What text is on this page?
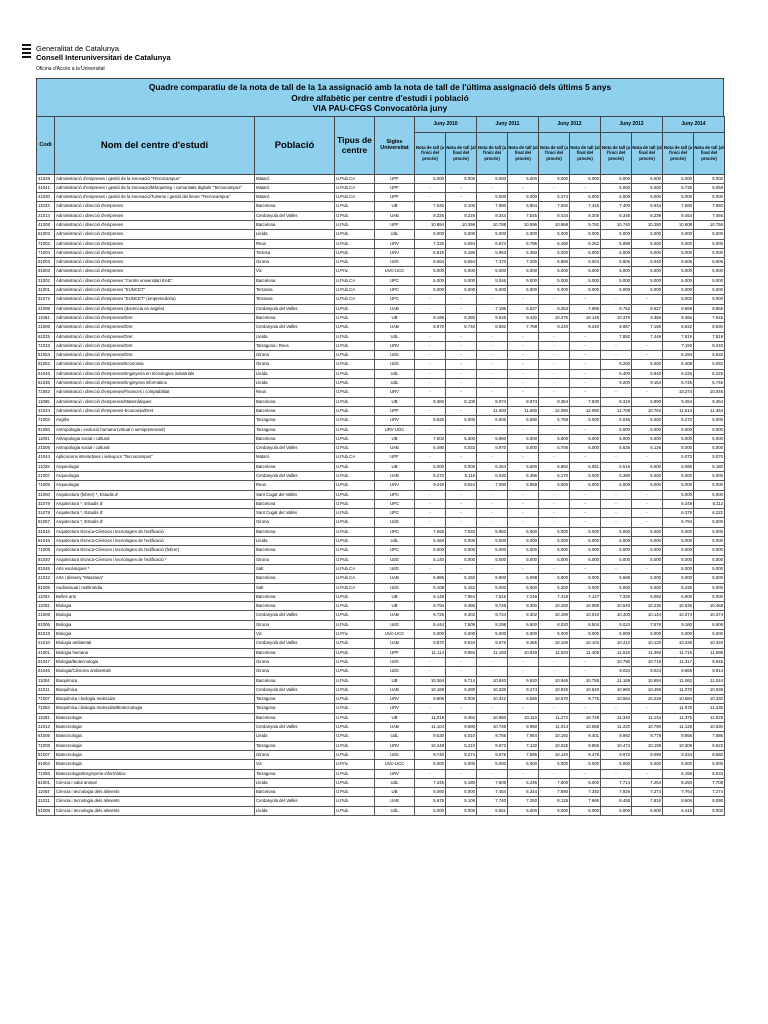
Generalitat de Catalunya
Consell Interuniversitari de Catalunya
Oficina d'Accés a la Universitat
Quadre comparatiu de la nota de tall de la 1a assignació amb la nota de tall de l'última assignació dels últims 5 anys
Ordre alfabètic per centre d'estudi i població
VIA PAU-CFGS Convocatòria juny
Codi	Nom del centre d'estudi	Població	Tipus de centre	Sigles Universitat	Juny 2010		Juny 2011		Juny 2012		Juny 2013		Juny 2014	
					Nota de tall (a l'inici del procés)	Nota de tall (al final del procés)	Nota de tall (a l'inici del procés)	Nota de tall (al final del procés)	Nota de tall (a l'inici del procés)	Nota de tall (al final del procés)	Nota de tall (a l'inici del procés)	Nota de tall (al final del procés)	Nota de tall (a l'inici del procés)	Nota de tall (al final del procés)
41029	Administració d'empreses i gestió de la innovació "Tecnocampus"	Mataró	U.Pub.CA	UPF	5.000	5.000	5.000	5.000	5.000	5.000	5.000	5.000	5.000	5.000
41041	Administració d'empreses i gestió de la innovació/Màrqueting i comunitats digitals "Tecnocampus"	Mataró	U.Pub.CA	UPF	-	-	-	-	-	-	5.000	5.000	6.730	5.058
41030	Administració d'empreses i gestió de la innovació/Turisme i gestió del lleure "Tecnocampus"	Mataró	U.Pub.CA	UPF	-	-	5.000	5.000	5.374	5.000	5.000	5.000	5.000	5.000
11033	Administració i direcció d'empreses	Barcelona	U.Pub.	UB	7.040	6.100	7.880	6.904	7.592	7.416	7.400	6.644	7.580	7.060
21014	Administració i direcció d'empreses	Cerdanyola del Vallès	U.Pub.	UAB	8.226	8.226	8.344	7.545	8.434	8.305	8.348	8.239	8.454	7.466
41008	Administració i direcció d'empreses	Barcelona	U.Pub.	UPF	10.894	10.396	10.788	10.596	10.868	9.782	10.740	10.280	10.808	10.756
61003	Administració i direcció d'empreses	Lleida	U.Pub.	UdL	5.000	5.000	5.000	5.000	5.000	5.000	5.000	5.000	5.000	5.000
71002	Administració i direcció d'empreses	Reus	U.Pub.	URV	7.220	6.094	6.674	5.796	6.490	6.252	5.898	5.000	5.000	5.000
71004	Administració i direcció d'empreses	Tortosa	U.Pub.	URV	5.818	5.185	5.963	5.350	5.000	5.000	5.000	5.000	5.000	5.000
81003	Administració i direcció d'empreses	Girona	U.Pub.	UdG	6.654	6.654	7.370	7.200	6.860	6.004	5.806	5.040	6.506	6.506
91003	Administració i direcció d'empreses	Vic	U.Priv.	UVic-UCC	5.000	5.000	5.000	5.000	5.000	5.000	5.000	5.000	5.000	5.000
31002	Administració i direcció d'empreses "Centre universitari EAE"	Barcelona	U.Pub.CA	UPC	5.000	5.000	5.046	5.000	5.000	5.000	5.000	5.000	5.000	5.000
31001	Administració i direcció d'empreses "EUNCET"	Terrassa	U.Pub.CA	UPC	5.000	5.000	5.000	5.000	5.000	5.000	5.000	5.000	5.000	5.000
31072	Administració i direcció d'empreses "EUNCET" (emprenedoria)	Terrassa	U.Pub.CA	UPC	-	-	-	-	-	-	-	-	5.000	5.000
21099	Administració i direcció d'empreses (docència en anglès)	Cerdanyola del Vallès	U.Pub.	UAB	-	-	7.195	6.527	8.253	7.686	8.762	8.627	8.866	8.866
11064	Administració i direcció d'empreses/Dret	Barcelona	U.Pub.	UB	9.196	8.280	9.626	9.420	10.276	10.148	10.376	9.366	9.366	7.546
21098	Administració i direcció d'empreses/Dret	Cerdanyola del Vallès	U.Pub.	UAB	8.970	8.740	8.592	7.768	9.240	9.240	8.667	7.186	8.632	8.530
61025	Administració i direcció d'empreses/Dret	Lleida	U.Pub.	UdL	-	-	-	-	-	-	7.892	7.446	7.819	7.819
71023	Administració i direcció d'empreses/Dret	Tarragona i Reus	U.Pub.	URV	-	-	-	-	-	-	-	-	7.192	5.240
81053	Administració i direcció d'empreses/Dret	Girona	U.Pub.	UdG	-	-	-	-	-	-	-	-	6.294	5.632
81052	Administració i direcció d'empreses/Economia	Girona	U.Pub.	UdG	-	-	-	-	-	-	6.200	5.000	6.408	5.092
61046	Administració i direcció d'empreses/Enginyeria en tecnologies industrials	Lleida	U.Pub.	UdL	-	-	-	-	-	-	6.400	5.940	6.226	6.226
61036	Administració i direcció d'empreses/Enginyeria informàtica	Lleida	U.Pub.	UdL	-	-	-	-	-	-	9.200	9.154	5.745	5.745
71053	Administració i direcció d'empreses/Finances i comptabilitat	Reus	U.Pub.	URV	-	-	-	-	-	-	-	-	10.274	10.046
11065	Administració i direcció d'empreses/Matemàtiques	Barcelona	U.Pub.	UB	8.380	8.105	8.974	8.974	8.364	7.830	8.319	5.890	9.454	9.454
41024	Administració i direcció d'empreses-Economia/Dret	Barcelona	U.Pub.	UPF	-	-	11.500	11.500	12.080	12.080	11.708	10.762	11.510	11.464
71003	Anglès	Tarragona	U.Pub.	URV	5.820	5.000	6.606	5.680	5.768	5.000	6.046	5.000	5.270	5.000
91050	Antropologia i evolució humana (virtual o semipresencial)	Tarragona	U.Pub.	URV-UOC	-	-	-	-	-	-	5.000	5.000	5.000	5.000
11001	Antropologia social i cultural	Barcelona	U.Pub.	UB	7.002	5.300	5.960	5.000	5.800	5.000	5.000	5.000	5.000	5.000
21005	Antropologia social i cultural	Cerdanyola del Vallès	U.Pub.	UAB	6.490	5.032	5.970	5.000	5.706	5.000	5.635	5.126	5.000	5.000
41044	Aplicacions interactives i videojocs "Tecnocampus"	Mataró	U.Pub.CA	UPF	-	-	-	-	-	-	-	-	5.070	5.070
11029	Arqueologia	Barcelona	U.Pub.	UB	5.000	5.000	6.264	5.500	6.892	6.051	5.516	5.000	6.086	5.180
21007	Arqueologia	Cerdanyola del Vallès	U.Pub.	UAB	5.270	5.116	6.030	5.396	6.170	5.000	5.390	5.000	5.000	5.000
71005	Arqueologia	Reus	U.Pub.	URV	9.240	8.624	7.090	5.958	6.800	5.000	5.000	5.000	5.000	5.000
31050	Arquitectura (febrer) *, Estudis d'	Sant Cugat del Vallès	U.Pub.	UPC	-	-	-	-	-	-	-	-	5.000	5.000
31078	Arquitectura *, Estudis d'	Barcelona	U.Pub.	UPC	-	-	-	-	-	-	-	-	6.348	6.112
31079	Arquitectura *, Estudis d'	Sant Cugat del Vallès	U.Pub.	UPC	-	-	-	-	-	-	-	-	6.376	6.222
81057	Arquitectura *, Estudis d'	Girona	U.Pub.	UdG	-	-	-	-	-	-	-	-	5.794	5.000
31016	Arquitectura tècnica-Ciències i tecnologies de l'edificació	Barcelona	U.Pub.	UPC	7.665	7.020	5.950	5.000	5.000	5.000	5.000	5.000	5.000	5.000
61016	Arquitectura tècnica-Ciències i tecnologies de l'edificació	Lleida	U.Pub.	UdL	5.460	5.000	5.000	5.000	5.000	5.000	5.000	5.000	5.000	5.000
71009	Arquitectura tècnica-Ciències i tecnologies de l'edificació (febrer)	Barcelona	U.Pub.	UPC	5.000	5.000	5.000	5.000	5.000	5.000	5.000	5.000	5.000	5.000
81020	Arquitectura tècnica-Ciències i tecnologies de l'edificació *	Girona	U.Pub.	UdG	5.140	5.000	5.000	5.000	5.000	5.000	5.000	5.000	5.000	5.000
81045	Arts escèniques *	Salt	U.Pub.CA	UdG	-	-	-	-	-	-	-	-	5.000	5.000
21022	Arts i disseny "Massana"	Barcelona	U.Pub.CA	UAB	6.886	5.150	6.900	5.098	6.800	5.000	5.686	5.000	5.000	5.000
81005	Audiovisual i multimèdia	Salt	U.Pub.CA	UdG	6.108	5.152	5.000	5.000	5.200	5.000	5.000	5.000	5.430	5.000
11003	Belles arts	Barcelona	U.Pub.	UB	8.148	7.964	7.616	7.246	7.418	7.147	7.320	5.082	6.900	5.000
11002	Biologia	Barcelona	U.Pub.	UB	9.794	9.386	9.748	9.300	10.260	10.058	10.540	10.230	10.536	10.468
21009	Biologia	Cerdanyola del Vallès	U.Pub.	UAB	9.726	9.302	9.724	9.302	10.190	10.010	10.400	10.144	10.374	10.374
81006	Biologia	Girona	U.Pub.	UdG	8.444	7.506	8.298	6.900	8.020	8.504	9.024	7.576	9.160	8.606
91018	Biologia	Vic	U.Priv.	UVic-UCC	5.000	5.000	5.000	5.000	5.000	5.000	5.000	5.000	5.000	5.000
21010	Biologia ambiental	Cerdanyola del Vallès	U.Pub.	UAB	9.870	9.534	9.676	9.465	10.105	10.104	10.412	10.133	10.326	10.320
41001	Biologia humana	Barcelona	U.Pub.	UPF	11.114	9.892	11.193	10.848	11.520	11.405	11.610	11.360	11.716	11.696
81047	Biologia/Biotecnologia	Girona	U.Pub.	UdG	-	-	-	-	-	-	10.790	10.718	11.317	9.946
81046	Biologia/Ciències ambientals	Girona	U.Pub.	UdG	-	-	-	-	-	-	9.034	9.024	9.866	9.814
11004	Bioquímica	Barcelona	U.Pub.	UB	10.364	9.714	10.640	9.920	10.946	10.755	11.169	10.694	11.062	11.044
21011	Bioquímica	Cerdanyola del Vallès	U.Pub.	UAB	10.168	9.280	10.336	9.274	10.926	10.540	10.960	10.496	11.070	10.536
71007	Bioquímica i biologia molecular	Tarragona	U.Pub.	URV	9.806	5.000	10.342	6.590	10.570	9.776	10.584	10.226	10.584	10.330
71054	Bioquímica i biologia molecular/Biotecnologia	Tarragona	U.Pub.	URV	-	-	-	-	-	-	-	-	11.978	11.235
11004	Biotecnologia	Barcelona	U.Pub.	UB	11.018	9.460	10.960	10.110	11.272	10.748	11.340	11.144	11.375	11.028
21012	Biotecnologia	Cerdanyola del Vallès	U.Pub.	UAB	11.104	9.690	10.746	9.950	11.014	10.558	11.220	10.790	11.128	10.530
61005	Biotecnologia	Lleida	U.Pub.	UdL	9.530	6.010	9.756	7.954	10.192	9.401	9.992	9.778	9.956	7.686
71008	Biotecnologia	Tarragona	U.Pub.	URV	10.248	5.210	9.972	7.132	10.025	9.856	10.474	10.198	10.308	9.622
81007	Biotecnologia	Girona	U.Pub.	UdG	9.740	8.274	9.576	7.596	10.140	9.478	9.972	9.090	9.334	8.560
91004	Biotecnologia	Vic	U.Priv.	UVic-UCC	5.000	5.000	5.000	5.000	5.000	5.000	5.000	5.000	5.000	5.000
71055	Biotecnologia/Enginyeria informàtica	Tarragona	U.Pub.	URV	-	-	-	-	-	-	-	-	6.159	5.534
61001	Ciència i salut animal	Lleida	U.Pub.	UdL	7.246	5.180	7.606	5.246	7.800	5.000	7.714	7.264	8.250	7.708
11054	Ciència i tecnologia dels aliments	Barcelona	U.Pub.	UB	6.060	5.000	7.454	6.344	7.690	7.340	7.926	7.274	7.764	7.274
21021	Ciència i tecnologia dels aliments	Cerdanyola del Vallès	U.Pub.	UAB	5.676	5.106	7.740	7.250	8.126	7.666	8.456	7.816	8.606	8.090
61008	Ciència i tecnologia dels aliments	Lleida	U.Pub.	UdL	5.000	5.000	5.551	5.000	5.000	5.000	5.000	5.000	5.416	5.000
